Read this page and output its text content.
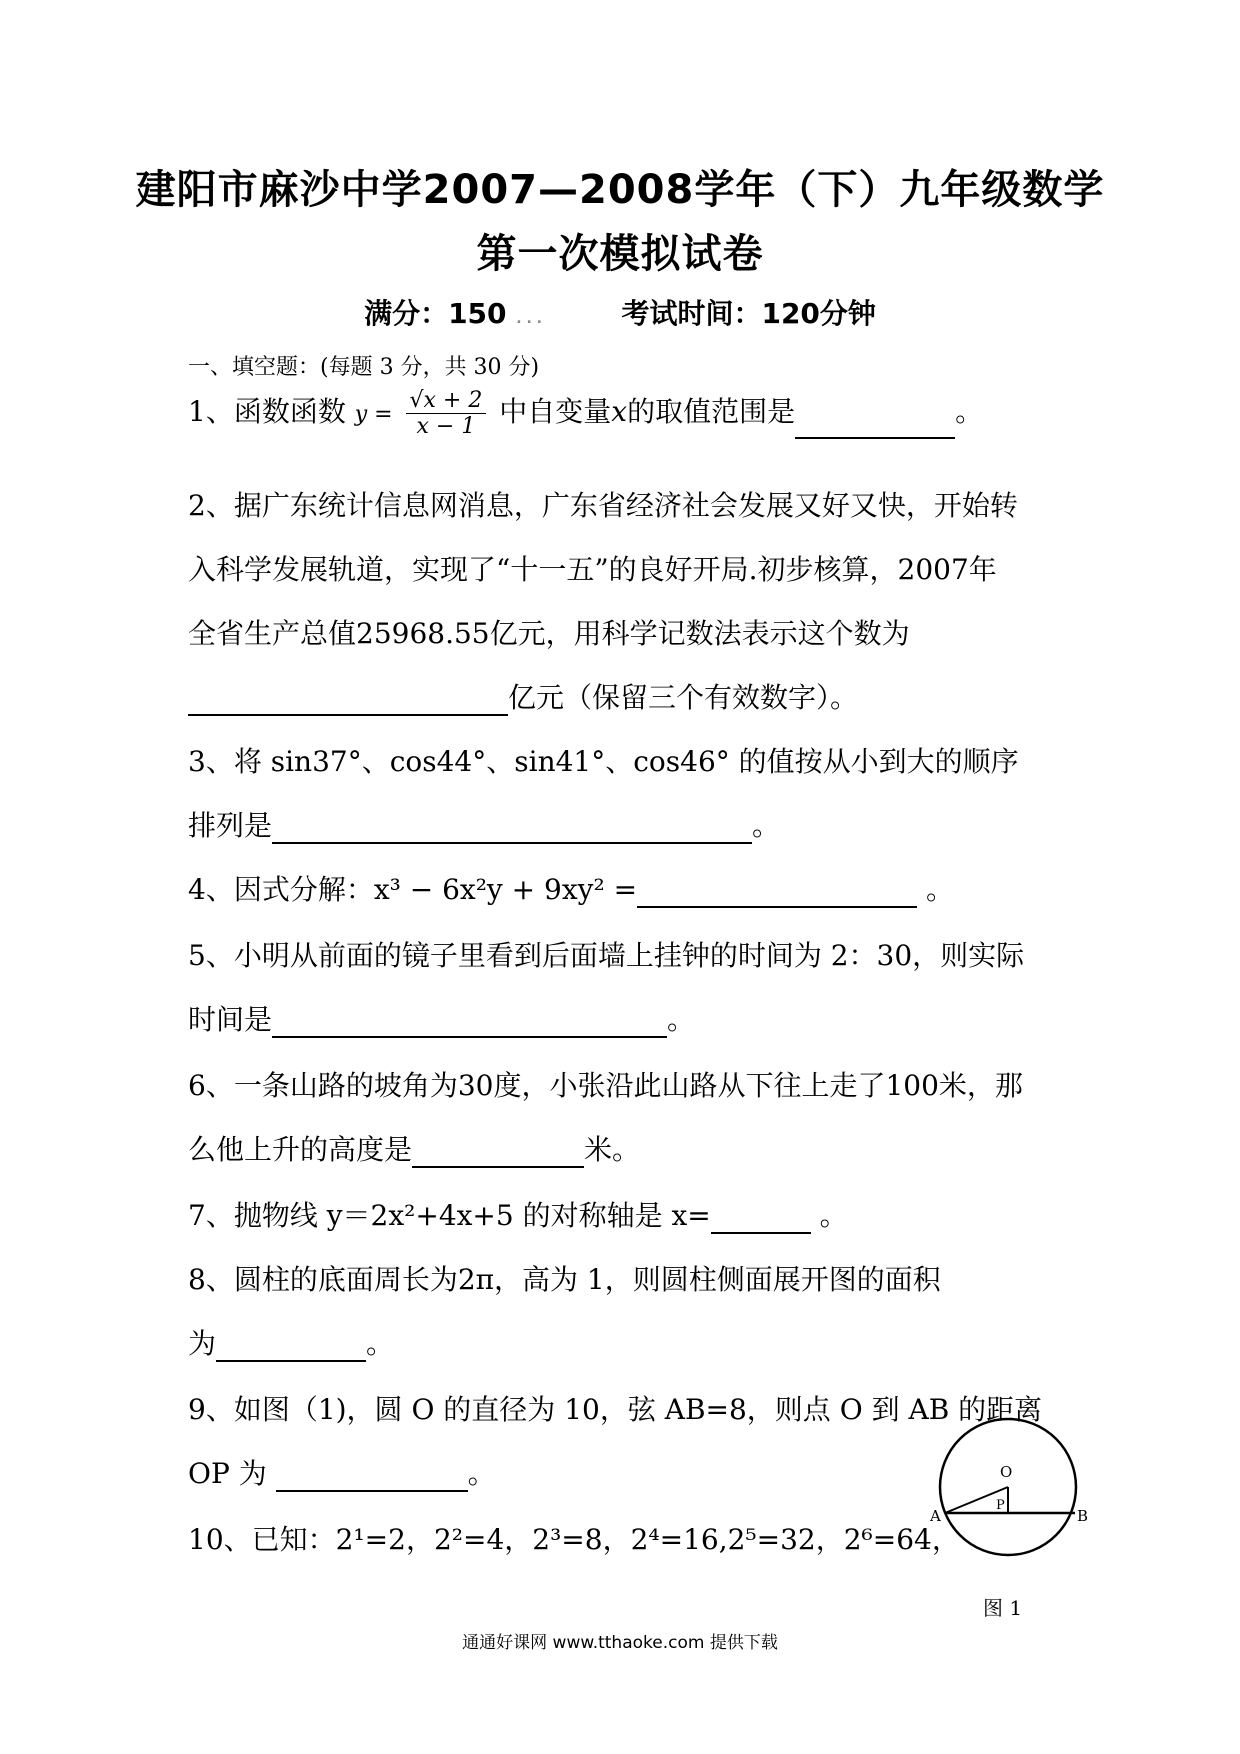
建阳市麻沙中学2007—2008学年（下）九年级数学
第一次模拟试卷
满分：150 . . .	考试时间：120分钟
一、填空题：(每题 3 分，共 30 分)
1、函数函数 $y = \frac{√x + 2}{x - 1}$ 中自变量x的取值范围是	。
2、据广东统计信息网消息，广东省经济社会发展又好又快，开始转
入科学发展轨道，实现了“十一五”的良好开局.初步核算，2007年
全省生产总值25968.55亿元，用科学记数法表示这个数为
亿元（保留三个有效数字）。
3、将 sin37°、cos44°、sin41°、cos46° 的值按从小到大的顺序
排列是	。
4、因式分解：x³ − 6x²y + 9xy² =	。
5、小明从前面的镜子里看到后面墙上挂钟的时间为 2：30，则实际
时间是	。
6、一条山路的坡角为30度，小张沿此山路从下往上走了100米，那
么他上升的高度是	米。
7、抛物线 y＝2x²+4x+5 的对称轴是 x=	。
8、圆柱的底面周长为2π，高为 1，则圆柱侧面展开图的面积
为	。
9、如图（1)，圆 O 的直径为 10，弦 AB=8，则点 O 到 AB 的距离
OP 为	。
10、已知：2¹=2，2²=4，2³=8，2⁴=16,2⁵=32，2⁶=64，
O
A	B
P
图 1
通通好课网 www.tthaoke.com 提供下载
